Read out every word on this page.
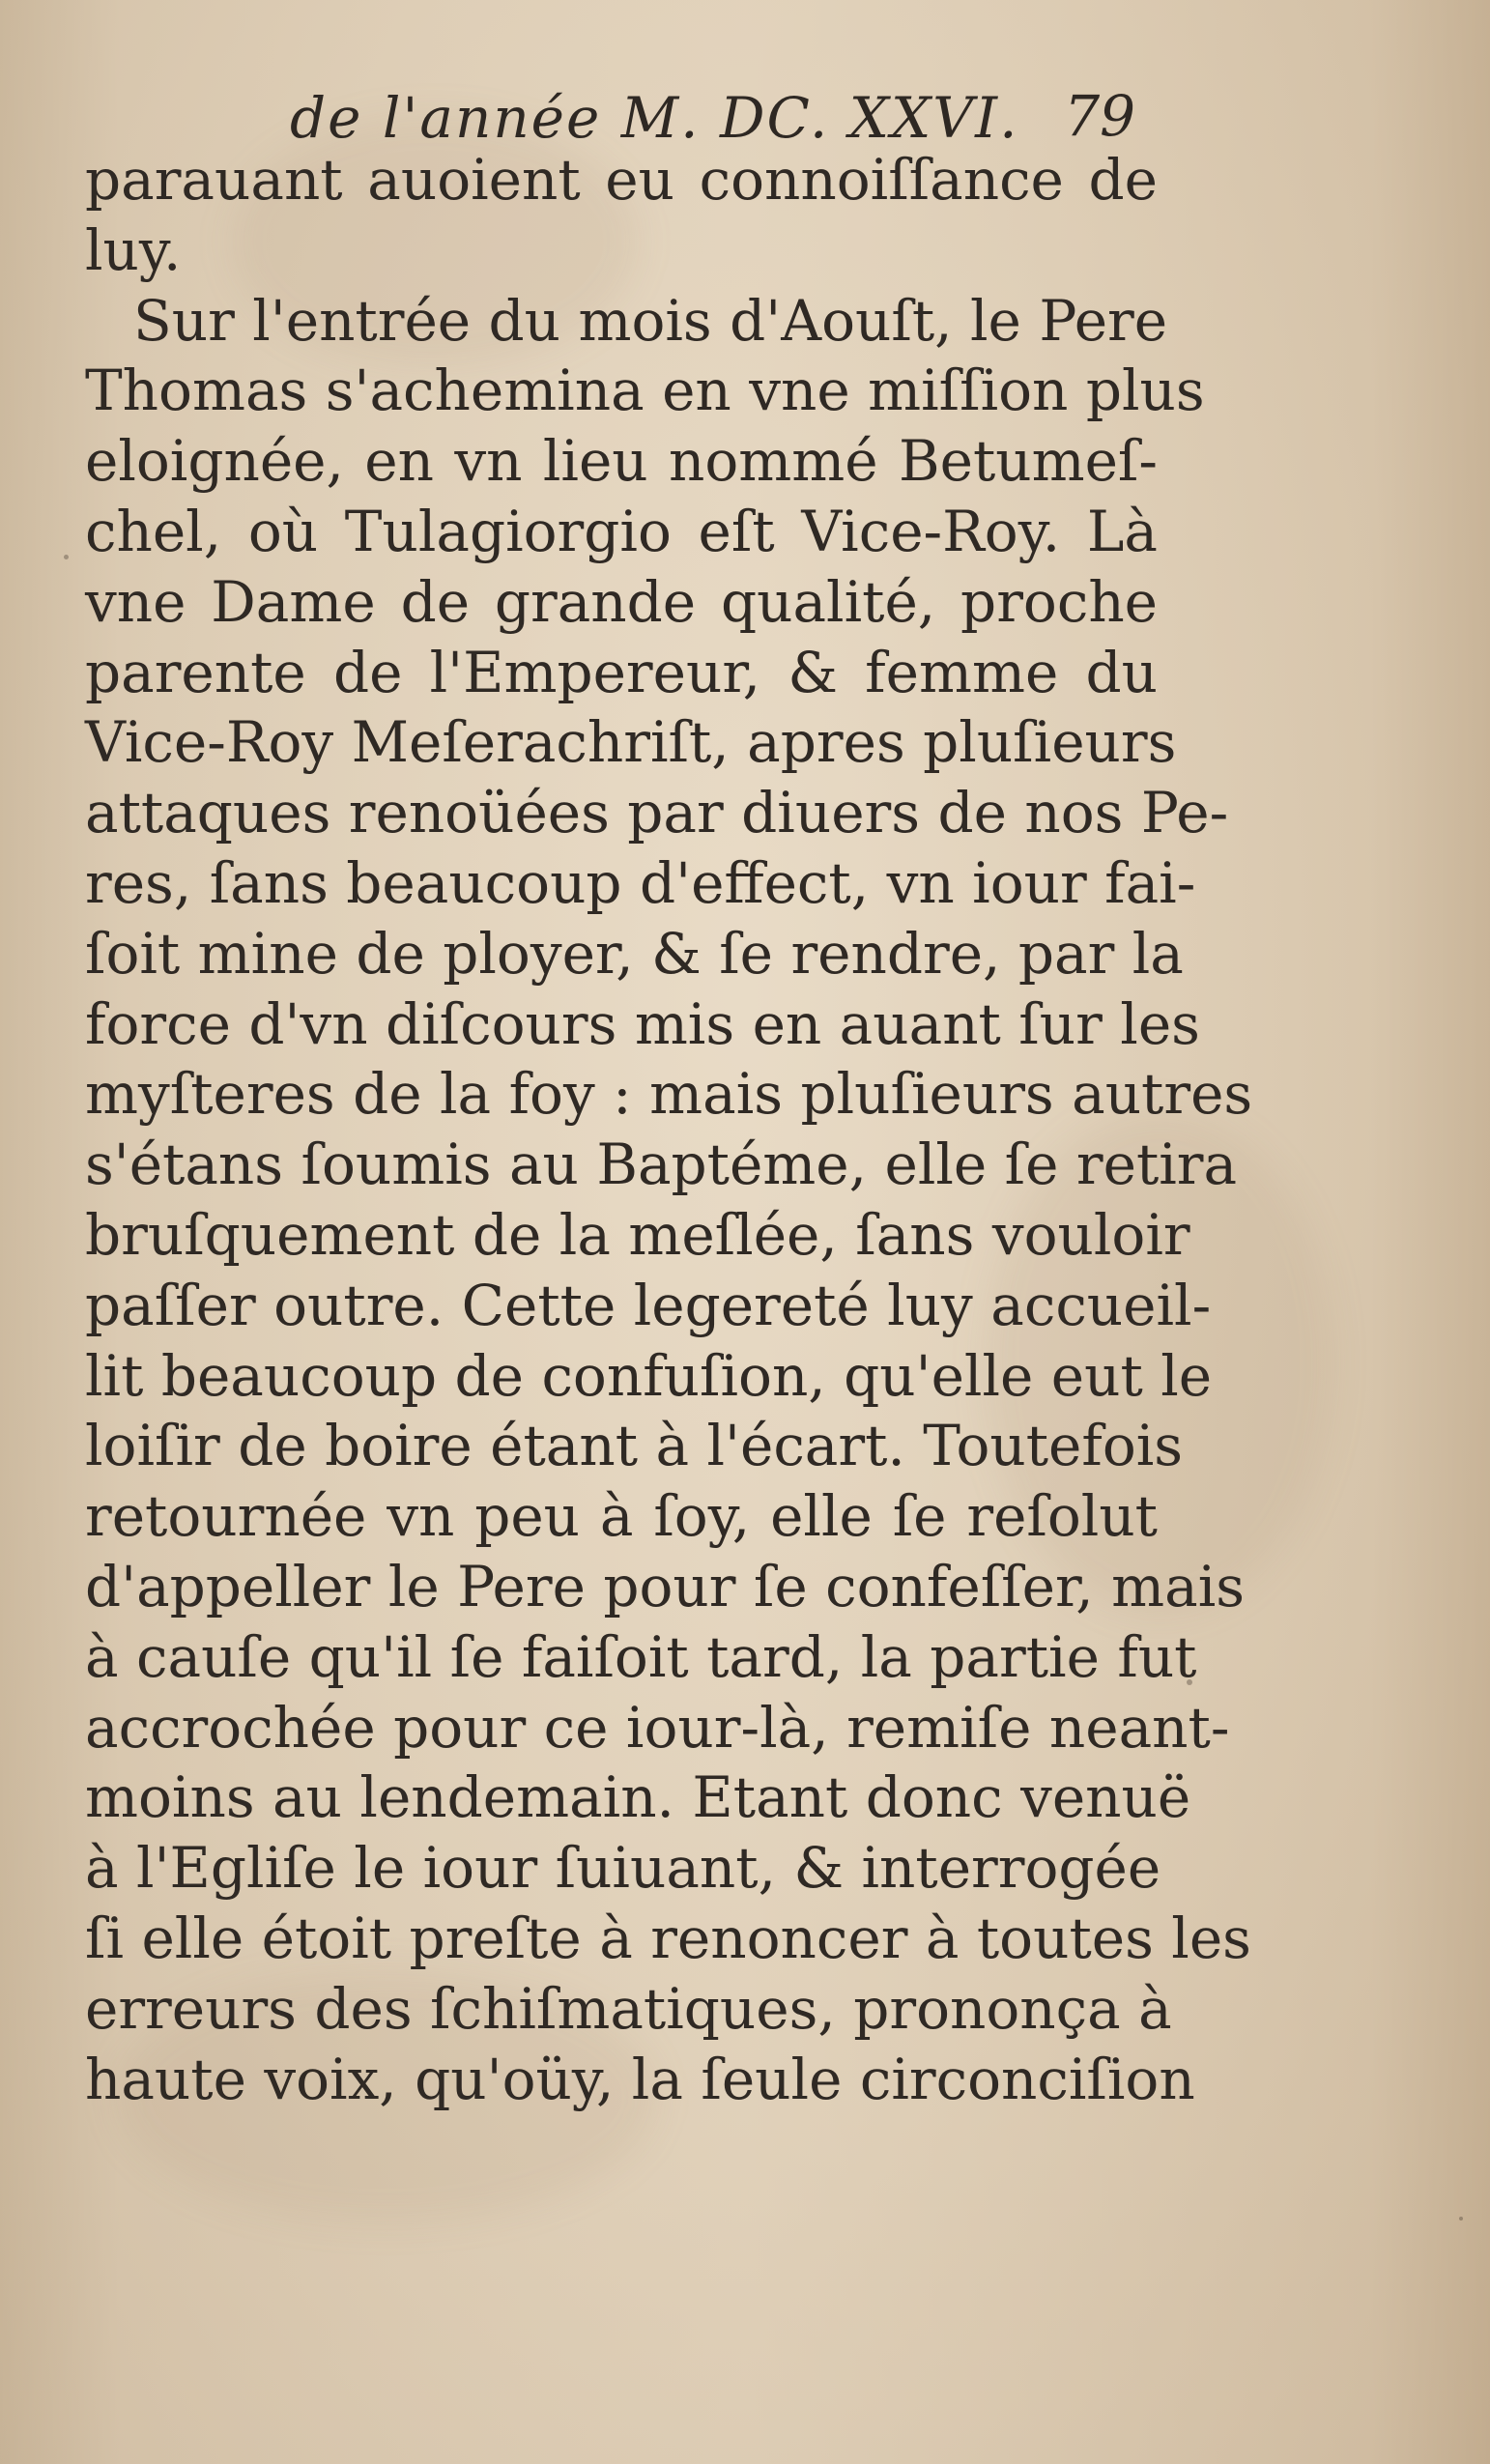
de l'année M. DC. XXVI. 79
parauant auoient eu connoiſſance de
luy.
Sur l'entrée du mois d'Aouſt, le Pere
Thomas s'achemina en vne miſſion plus
eloignée, en vn lieu nommé Betumeſ-
chel, où Tulagiorgio eſt Vice-Roy. Là
vne Dame de grande qualité, proche
parente de l'Empereur, & femme du
Vice-Roy Meſerachriſt, apres pluſieurs
attaques renoüées par diuers de nos Pe-
res, ſans beaucoup d'effect, vn iour fai-
ſoit mine de ployer, & ſe rendre, par la
force d'vn diſcours mis en auant ſur les
myſteres de la foy : mais pluſieurs autres
s'étans ſoumis au Baptéme, elle ſe retira
bruſquement de la meſlée, ſans vouloir
paſſer outre. Cette legereté luy accueil-
lit beaucoup de confuſion, qu'elle eut le
loiſir de boire étant à l'écart. Toutefois
retournée vn peu à ſoy, elle ſe reſolut
d'appeller le Pere pour ſe confeſſer, mais
à cauſe qu'il ſe faiſoit tard, la partie fut
accrochée pour ce iour-là, remiſe neant-
moins au lendemain. Etant donc venuë
à l'Egliſe le iour ſuiuant, & interrogée
ſi elle étoit preſte à renoncer à toutes les
erreurs des ſchiſmatiques, prononça à
haute voix, qu'oüy, la ſeule circonciſion
